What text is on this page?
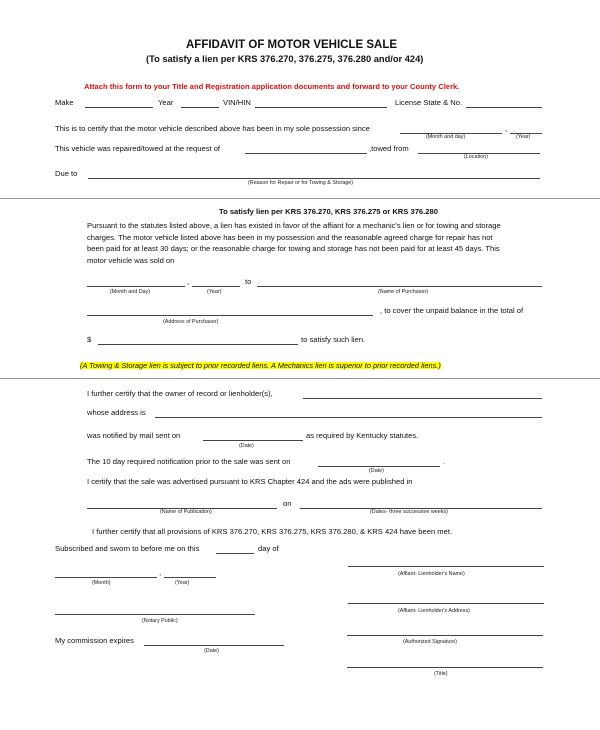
AFFIDAVIT OF MOTOR VEHICLE SALE
(To satisfy a lien per KRS 376.270, 376.275, 376.280 and/or 424)
Attach this form to your Title and Registration application documents and forward to your County Clerk.
Make	Year	VIN/HIN	License State & No.
This is to certify that the motor vehicle described above has been in my sole possession since	,
(Month and day)	(Year)
This vehicle was repaired/towed at the request of	,towed from
(Location)
Due to
(Reason for Repair or for Towing & Storage)
To satisfy lien per KRS 376.270, KRS 376.275 or KRS 376.280
Pursuant to the statutes listed above, a lien has existed in favor of the affiant for a mechanic's lien or for towing and storage charges. The motor vehicle listed above has been in my possession and the reasonable agreed charge for repair has not been paid for at least 30 days; or the reasonable charge for towing and storage has not been paid for at least 45 days. This motor vehicle was sold on
,	to
(Month and Day)	(Year)	(Name of Purchaser)
, to cover the unpaid balance in the total of
(Address of Purchaser)
$	to satisfy such lien.
(A Towing & Storage lien is subject to prior recorded liens. A Mechanics lien is superior to prior recorded liens.)
I further certify that the owner of record or lienholder(s),
whose address is
was notified by mail sent on	as required by Kentucky statutes.
(Date)
The 10 day required notification prior to the sale was sent on	.
(Date)
I certify that the sale was advertised pursuant to KRS Chapter 424 and the ads were published in
on
(Name of Publication)	(Dates- three successive weeks)
I further certify that all provisions of KRS 376.270, KRS 376.275, KRS 376.280, & KRS 424 have been met.
Subscribed and sworn to before me on this	day of
,
(Month)	(Year)
(Affiant- Lienholder's Name)
(Notary Public)
(Affiant- Lienholder's Address)
My commission expires
(Date)
(Authorized Signature)
(Title)
